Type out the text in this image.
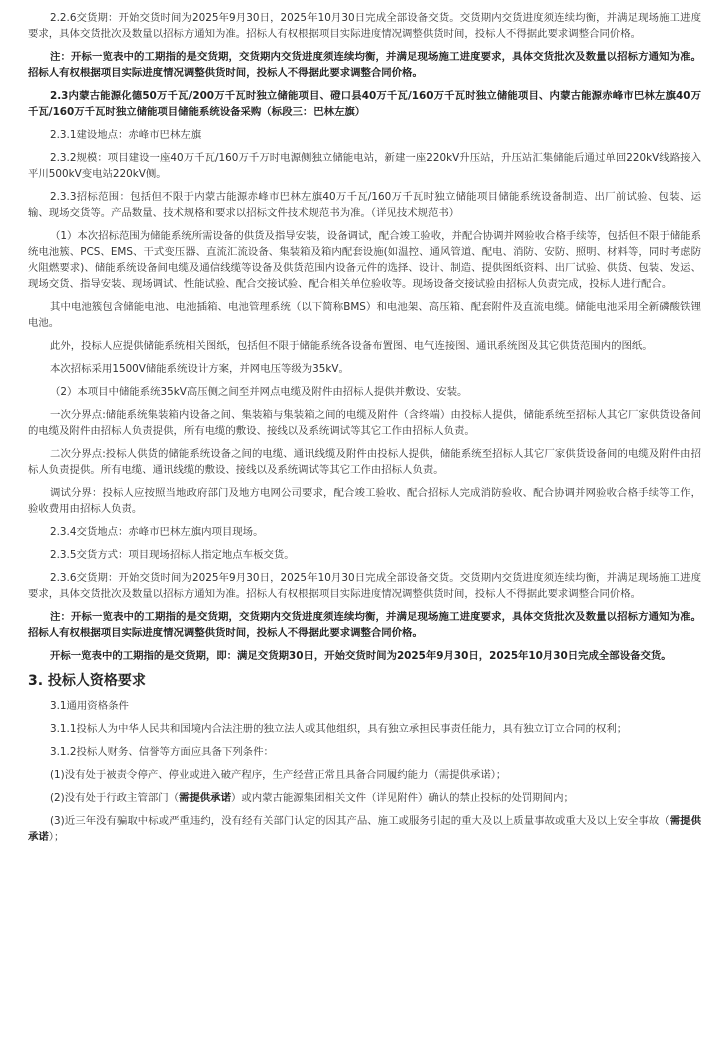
2.2.6交货期：开始交货时间为2025年9月30日，2025年10月30日完成全部设备交货。交货期内交货进度须连续均衡，并满足现场施工进度要求，具体交货批次及数量以招标方通知为准。招标人有权根据项目实际进度情况调整供货时间，投标人不得据此要求调整合同价格。

注：开标一览表中的工期指的是交货期，交货期内交货进度须连续均衡，并满足现场施工进度要求，具体交货批次及数量以招标方通知为准。招标人有权根据项目实际进度情况调整供货时间，投标人不得据此要求调整合同价格。

2.3内蒙古能源化德50万千瓦/200万千瓦时独立储能项目、磴口县40万千瓦/160万千瓦时独立储能项目、内蒙古能源赤峰市巴林左旗40万千瓦/160万千瓦时独立储能项目储能系统设备采购（标段三：巴林左旗）

2.3.1建设地点：赤峰市巴林左旗

2.3.2规模：项目建设一座40万千瓦/160万千万时电源侧独立储能电站，新建一座220kV升压站，升压站汇集储能后通过单回220kV线路接入平川500kV变电站220kV侧。

2.3.3招标范围：包括但不限于内蒙古能源赤峰市巴林左旗40万千瓦/160万千瓦时独立储能项目储能系统设备制造、出厂前试验、包装、运输、现场交货等。产品数量、技术规格和要求以招标文件技术规范书为准。（详见技术规范书）

（1）本次招标范围为储能系统所需设备的供货及指导安装，设备调试，配合竣工验收，并配合协调并网验收合格手续等，包括但不限于储能系统电池簇、PCS、EMS、干式变压器、直流汇流设备、集装箱及箱内配套设施(如温控、通风管道、配电、消防、安防、照明、材料等，同时考虑防火阻燃要求)、储能系统设备间电缆及通信线缆等设备及供货范围内设备元件的选择、设计、制造、提供图纸资料、出厂试验、供货、包装、发运、现场交货、指导安装、现场调试、性能试验、配合交接试验、配合相关单位验收等。现场设备交接试验由招标人负责完成，投标人进行配合。

其中电池簇包含储能电池、电池插箱、电池管理系统（以下简称BMS）和电池架、高压箱、配套附件及直流电缆。储能电池采用全新磷酸铁锂电池。

此外，投标人应提供储能系统相关图纸，包括但不限于储能系统各设备布置图、电气连接图、通讯系统图及其它供货范围内的图纸。

本次招标采用1500V储能系统设计方案，并网电压等级为35kV。

（2）本项目中储能系统35kV高压侧之间至并网点电缆及附件由招标人提供并敷设、安装。

一次分界点:储能系统集装箱内设备之间、集装箱与集装箱之间的电缆及附件（含终端）由投标人提供，储能系统至招标人其它厂家供货设备间的电缆及附件由招标人负责提供，所有电缆的敷设、接线以及系统调试等其它工作由招标人负责。

二次分界点:投标人供货的储能系统设备之间的电缆、通讯线缆及附件由投标人提供，储能系统至招标人其它厂家供货设备间的电缆及附件由招标人负责提供。所有电缆、通讯线缆的敷设、接线以及系统调试等其它工作由招标人负责。

调试分界：投标人应按照当地政府部门及地方电网公司要求，配合竣工验收、配合招标人完成消防验收、配合协调并网验收合格手续等工作，验收费用由招标人负责。

2.3.4交货地点：赤峰市巴林左旗内项目现场。

2.3.5交货方式：项目现场招标人指定地点车板交货。

2.3.6交货期：开始交货时间为2025年9月30日，2025年10月30日完成全部设备交货。交货期内交货进度须连续均衡，并满足现场施工进度要求，具体交货批次及数量以招标方通知为准。招标人有权根据项目实际进度情况调整供货时间，投标人不得据此要求调整合同价格。

注：开标一览表中的工期指的是交货期，交货期内交货进度须连续均衡，并满足现场施工进度要求，具体交货批次及数量以招标方通知为准。招标人有权根据项目实际进度情况调整供货时间，投标人不得据此要求调整合同价格。

开标一览表中的工期指的是交货期，即：满足交货期30日，开始交货时间为2025年9月30日，2025年10月30日完成全部设备交货。

3. 投标人资格要求

3.1通用资格条件

3.1.1投标人为中华人民共和国境内合法注册的独立法人或其他组织，具有独立承担民事责任能力，具有独立订立合同的权利；

3.1.2投标人财务、信誉等方面应具备下列条件：

(1)没有处于被责令停产、停业或进入破产程序，生产经营正常且具备合同履约能力（需提供承诺）；

(2)没有处于行政主管部门（需提供承诺）或内蒙古能源集团相关文件（详见附件）确认的禁止投标的处罚期间内；

(3)近三年没有骗取中标或严重违约，没有经有关部门认定的因其产品、施工或服务引起的重大及以上质量事故或重大及以上安全事故（需提供承诺）；
